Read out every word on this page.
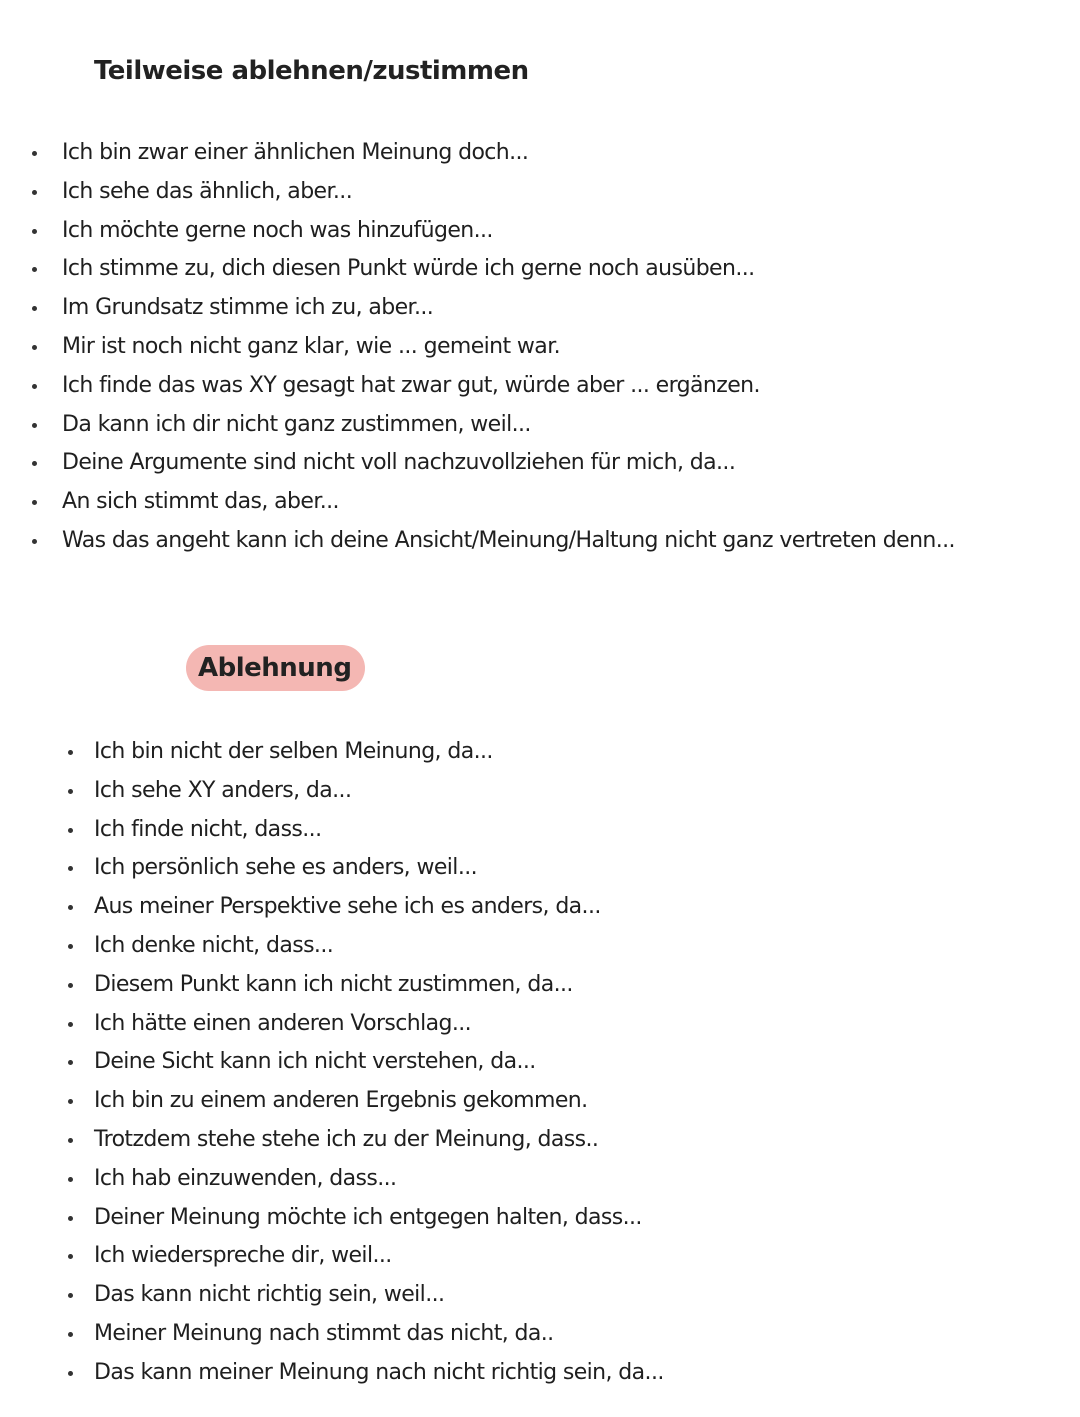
Teilweise ablehnen/zustimmen
Ich bin zwar einer ähnlichen Meinung doch...
Ich sehe das ähnlich, aber...
Ich möchte gerne noch was hinzufügen...
Ich stimme zu, dich diesen Punkt würde ich gerne noch ausüben...
Im Grundsatz stimme ich zu, aber...
Mir ist noch nicht ganz klar, wie ... gemeint war.
Ich finde das was XY gesagt hat zwar gut, würde aber ... ergänzen.
Da kann ich dir nicht ganz zustimmen, weil...
Deine Argumente sind nicht voll nachzuvollziehen für mich, da...
An sich stimmt das, aber...
Was das angeht kann ich deine Ansicht/Meinung/Haltung nicht ganz vertreten denn...
Ablehnung
Ich bin nicht der selben Meinung, da...
Ich sehe XY anders, da...
Ich finde nicht, dass...
Ich persönlich sehe es anders, weil...
Aus meiner Perspektive sehe ich es anders, da...
Ich denke nicht, dass...
Diesem Punkt kann ich nicht zustimmen, da...
Ich hätte einen anderen Vorschlag...
Deine Sicht kann ich nicht verstehen, da...
Ich bin zu einem anderen Ergebnis gekommen.
Trotzdem stehe stehe ich zu der Meinung, dass..
Ich hab einzuwenden, dass...
Deiner Meinung möchte ich entgegen halten, dass...
Ich wiederspreche dir, weil...
Das kann nicht richtig sein, weil...
Meiner Meinung nach stimmt das nicht, da..
Das kann meiner Meinung nach nicht richtig sein, da...
